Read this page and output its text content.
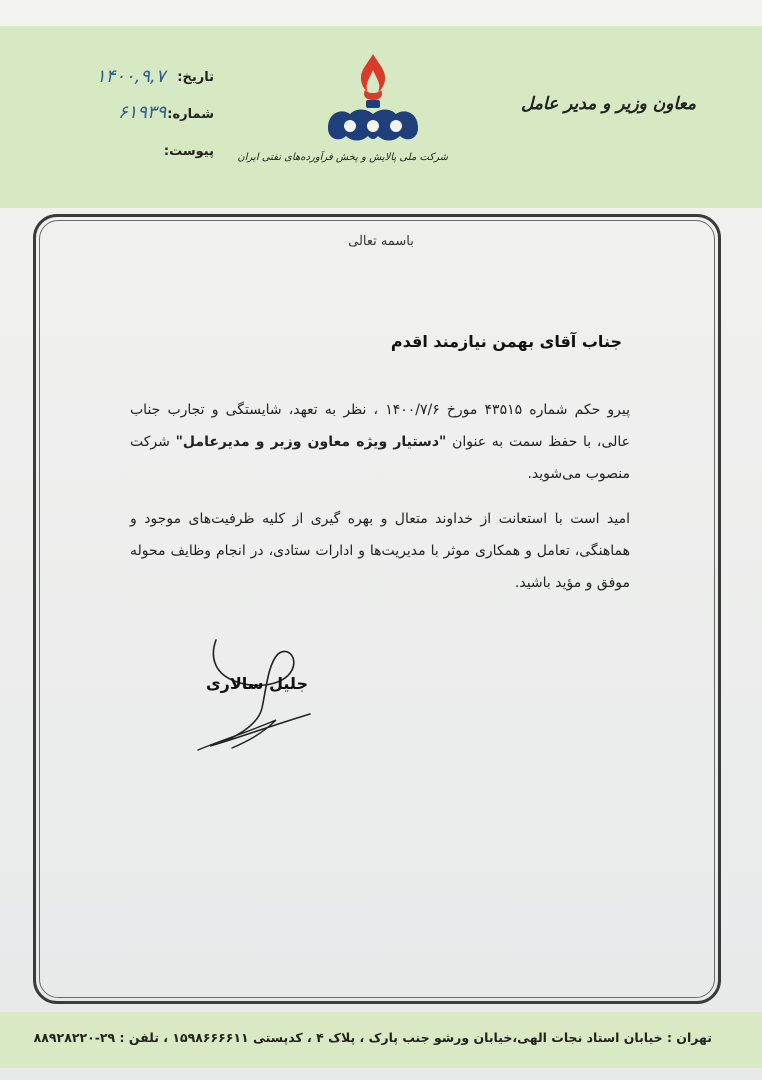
معاون وزیر و مدیر عامل
شرکت ملی پالایش و پخش فرآورده‌های نفتی ایران
تاریخ:
۱۴۰۰,۹,۷
شماره:
۶۱۹۳۹
پیوست:
باسمه تعالی
جناب آقای بهمن نیازمند اقدم
پیرو حکم شماره ۴۳۵۱۵ مورخ ۱۴۰۰/۷/۶ ، نظر به تعهد، شایستگی و تجارب جناب عالی، با حفظ سمت به عنوان "دستیار ویژه معاون وزیر و مدیرعامل" شرکت منصوب می‌شوید.
امید است با استعانت از خداوند متعال و بهره گیری از کلیه ظرفیت‌های موجود و هماهنگی، تعامل و همکاری موثر با مدیریت‌ها و ادارات ستادی، در انجام وظایف محوله موفق و مؤید باشید.
جلیل سالاری
تهران : خیابان استاد نجات الهی،خیابان ورشو جنب پارک ، پلاک ۴ ، کدپستی ۱۵۹۸۶۶۶۶۱۱ ، تلفن : ۲۹-۸۸۹۲۸۲۲۰
